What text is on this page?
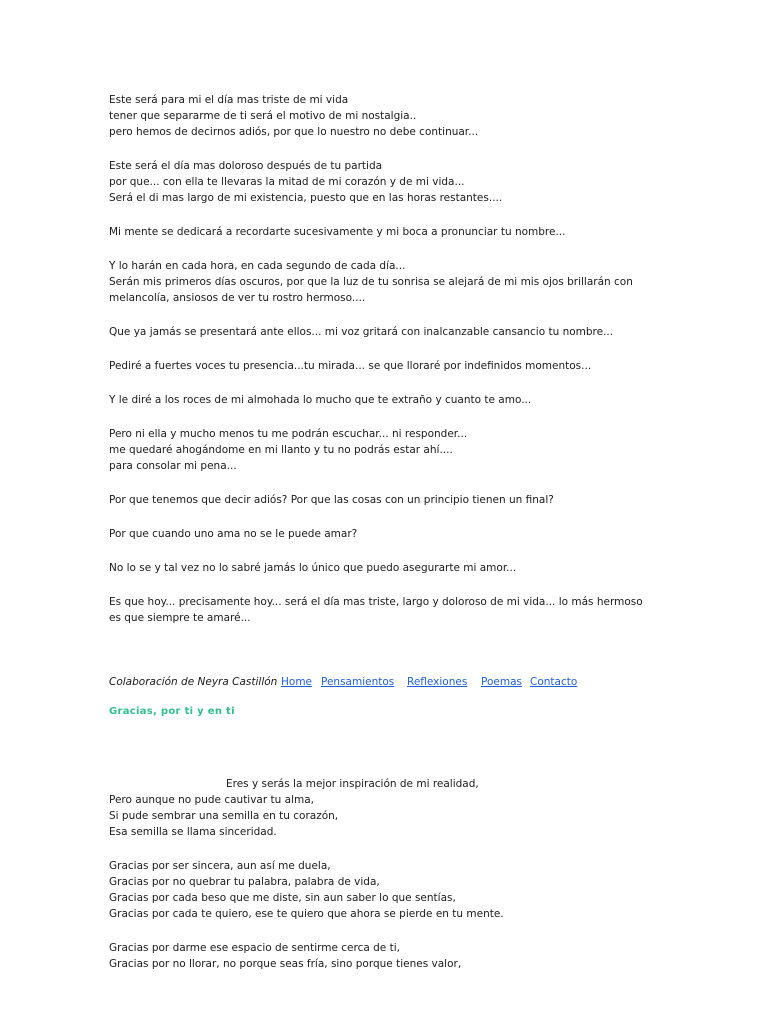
Este será para mi el día mas triste de mi vida

tener que separarme de ti será el motivo de mi nostalgia..

pero hemos de decirnos adiós, por que lo nuestro no debe continuar...

Este será el día mas doloroso después de tu partida

por que... con ella te llevaras la mitad de mi corazón y de mi vida...

Será el di mas largo de mi existencia, puesto que en las horas restantes....

Mi mente se dedicará a recordarte sucesivamente y mi boca a pronunciar tu nombre...

Y lo harán en cada hora, en cada segundo de cada día...

Serán mis primeros días oscuros, por que la luz de tu sonrisa se alejará de mi mis ojos brillarán con

melancolía, ansiosos de ver tu rostro hermoso....

Que ya jamás se presentará ante ellos... mi voz gritará con inalcanzable cansancio tu nombre...

Pediré a fuertes voces tu presencia...tu mirada... se que lloraré por indefinidos momentos...

Y le diré a los roces de mi almohada lo mucho que te extraño y cuanto te amo...

Pero ni ella y mucho menos tu me podrán escuchar... ni responder...

me quedaré ahogándome en mi llanto y tu no podrás estar ahí....

para consolar mi pena...

Por que tenemos que decir adiós? Por que las cosas con un principio tienen un final?

Por que cuando uno ama no se le puede amar?

No lo se y tal vez no lo sabré jamás lo único que puedo asegurarte mi amor...

Es que hoy... precisamente hoy... será el día mas triste, largo y doloroso de mi vida... lo más hermoso

es que siempre te amaré...

Colaboración de Neyra Castillón Home Pensamientos Reflexiones Poemas Contacto
Gracias, por ti y en ti

Eres y serás la mejor inspiración de mi realidad,

Pero aunque no pude cautivar tu alma,

Si pude sembrar una semilla en tu corazón,

Esa semilla se llama sinceridad.

Gracias por ser sincera, aun así me duela,

Gracias por no quebrar tu palabra, palabra de vida,

Gracias por cada beso que me diste, sin aun saber lo que sentías,

Gracias por cada te quiero, ese te quiero que ahora se pierde en tu mente.

Gracias por darme ese espacio de sentirme cerca de ti,

Gracias por no llorar, no porque seas fría, sino porque tienes valor,
